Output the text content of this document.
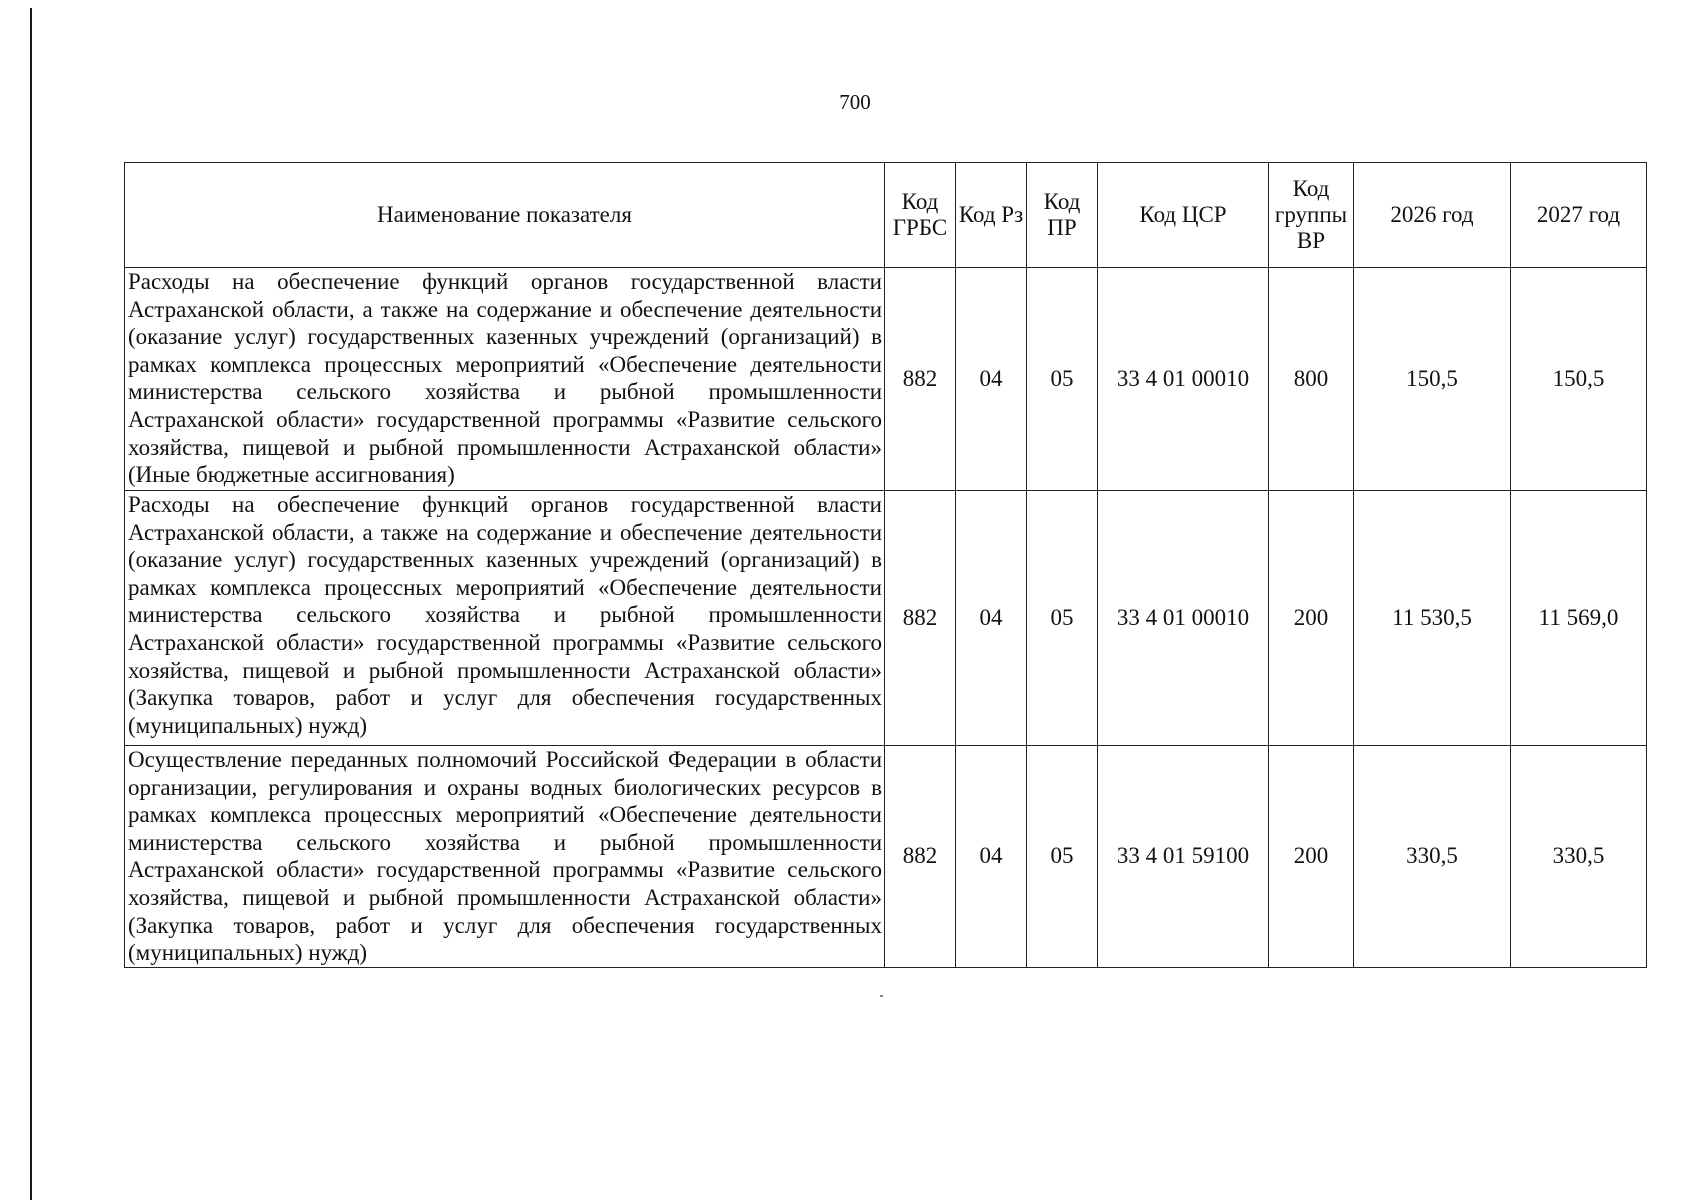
700
Наименование показателя	Код ГРБС	Код Рз	Код ПР	Код ЦСР	Код группы ВР	2026 год	2027 год
Расходы на обеспечение функций органов государственной власти Астраханской области, а также на содержание и обеспечение деятельности (оказание услуг) государственных казенных учреждений (организаций) в рамках комплекса процессных мероприятий «Обеспечение деятельности министерства сельского хозяйства и рыбной промышленности Астраханской области» государственной программы «Развитие сельского хозяйства, пищевой и рыбной промышленности Астраханской области» (Иные бюджетные ассигнования)	882	04	05	33 4 01 00010	800	150,5	150,5
Расходы на обеспечение функций органов государственной власти Астраханской области, а также на содержание и обеспечение деятельности (оказание услуг) государственных казенных учреждений (организаций) в рамках комплекса процессных мероприятий «Обеспечение деятельности министерства сельского хозяйства и рыбной промышленности Астраханской области» государственной программы «Развитие сельского хозяйства, пищевой и рыбной промышленности Астраханской области» (Закупка товаров, работ и услуг для обеспечения государственных (муниципальных) нужд)	882	04	05	33 4 01 00010	200	11 530,5	11 569,0
Осуществление переданных полномочий Российской Федерации в области организации, регулирования и охраны водных биологических ресурсов в рамках комплекса процессных мероприятий «Обеспечение деятельности министерства сельского хозяйства и рыбной промышленности Астраханской области» государственной программы «Развитие сельского хозяйства, пищевой и рыбной промышленности Астраханской области» (Закупка товаров, работ и услуг для обеспечения государственных (муниципальных) нужд)	882	04	05	33 4 01 59100	200	330,5	330,5
